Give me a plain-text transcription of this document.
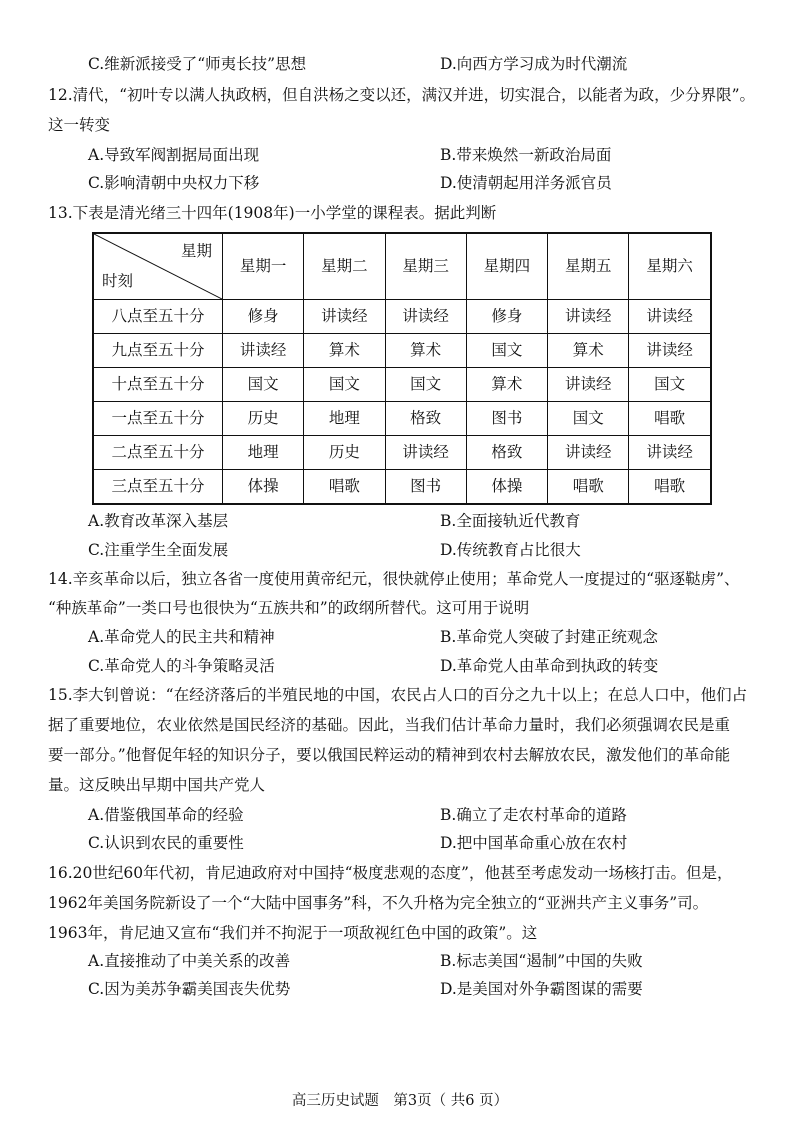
C.维新派接受了“师夷长技”思想	D.向西方学习成为时代潮流
12.清代，“初叶专以满人执政柄，但自洪杨之变以还，满汉并进，切实混合，以能者为政，少分界限”。
这一转变
A.导致军阀割据局面出现	B.带来焕然一新政治局面
C.影响清朝中央权力下移	D.使清朝起用洋务派官员
13.下表是清光绪三十四年(1908年)一小学堂的课程表。据此判断
星期
时刻	星期一	星期二	星期三	星期四	星期五	星期六
八点至五十分	修身	讲读经	讲读经	修身	讲读经	讲读经
九点至五十分	讲读经	算术	算术	国文	算术	讲读经
十点至五十分	国文	国文	国文	算术	讲读经	国文
一点至五十分	历史	地理	格致	图书	国文	唱歌
二点至五十分	地理	历史	讲读经	格致	讲读经	讲读经
三点至五十分	体操	唱歌	图书	体操	唱歌	唱歌
A.教育改革深入基层	B.全面接轨近代教育
C.注重学生全面发展	D.传统教育占比很大
14.辛亥革命以后，独立各省一度使用黄帝纪元，很快就停止使用；革命党人一度提过的“驱逐鞑虏”、
“种族革命”一类口号也很快为“五族共和”的政纲所替代。这可用于说明
A.革命党人的民主共和精神	B.革命党人突破了封建正统观念
C.革命党人的斗争策略灵活	D.革命党人由革命到执政的转变
15.李大钊曾说：“在经济落后的半殖民地的中国，农民占人口的百分之九十以上；在总人口中，他们占
据了重要地位，农业依然是国民经济的基础。因此，当我们估计革命力量时，我们必须强调农民是重
要一部分。”他督促年轻的知识分子，要以俄国民粹运动的精神到农村去解放农民，激发他们的革命能
量。这反映出早期中国共产党人
A.借鉴俄国革命的经验	B.确立了走农村革命的道路
C.认识到农民的重要性	D.把中国革命重心放在农村
16.20世纪60年代初，肯尼迪政府对中国持“极度悲观的态度”，他甚至考虑发动一场核打击。但是，
1962年美国务院新设了一个“大陆中国事务”科，不久升格为完全独立的“亚洲共产主义事务”司。
1963年，肯尼迪又宣布“我们并不拘泥于一项敌视红色中国的政策”。这
A.直接推动了中美关系的改善	B.标志美国“遏制”中国的失败
C.因为美苏争霸美国丧失优势	D.是美国对外争霸图谋的需要
高三历史试题　第3页（ 共6 页）
